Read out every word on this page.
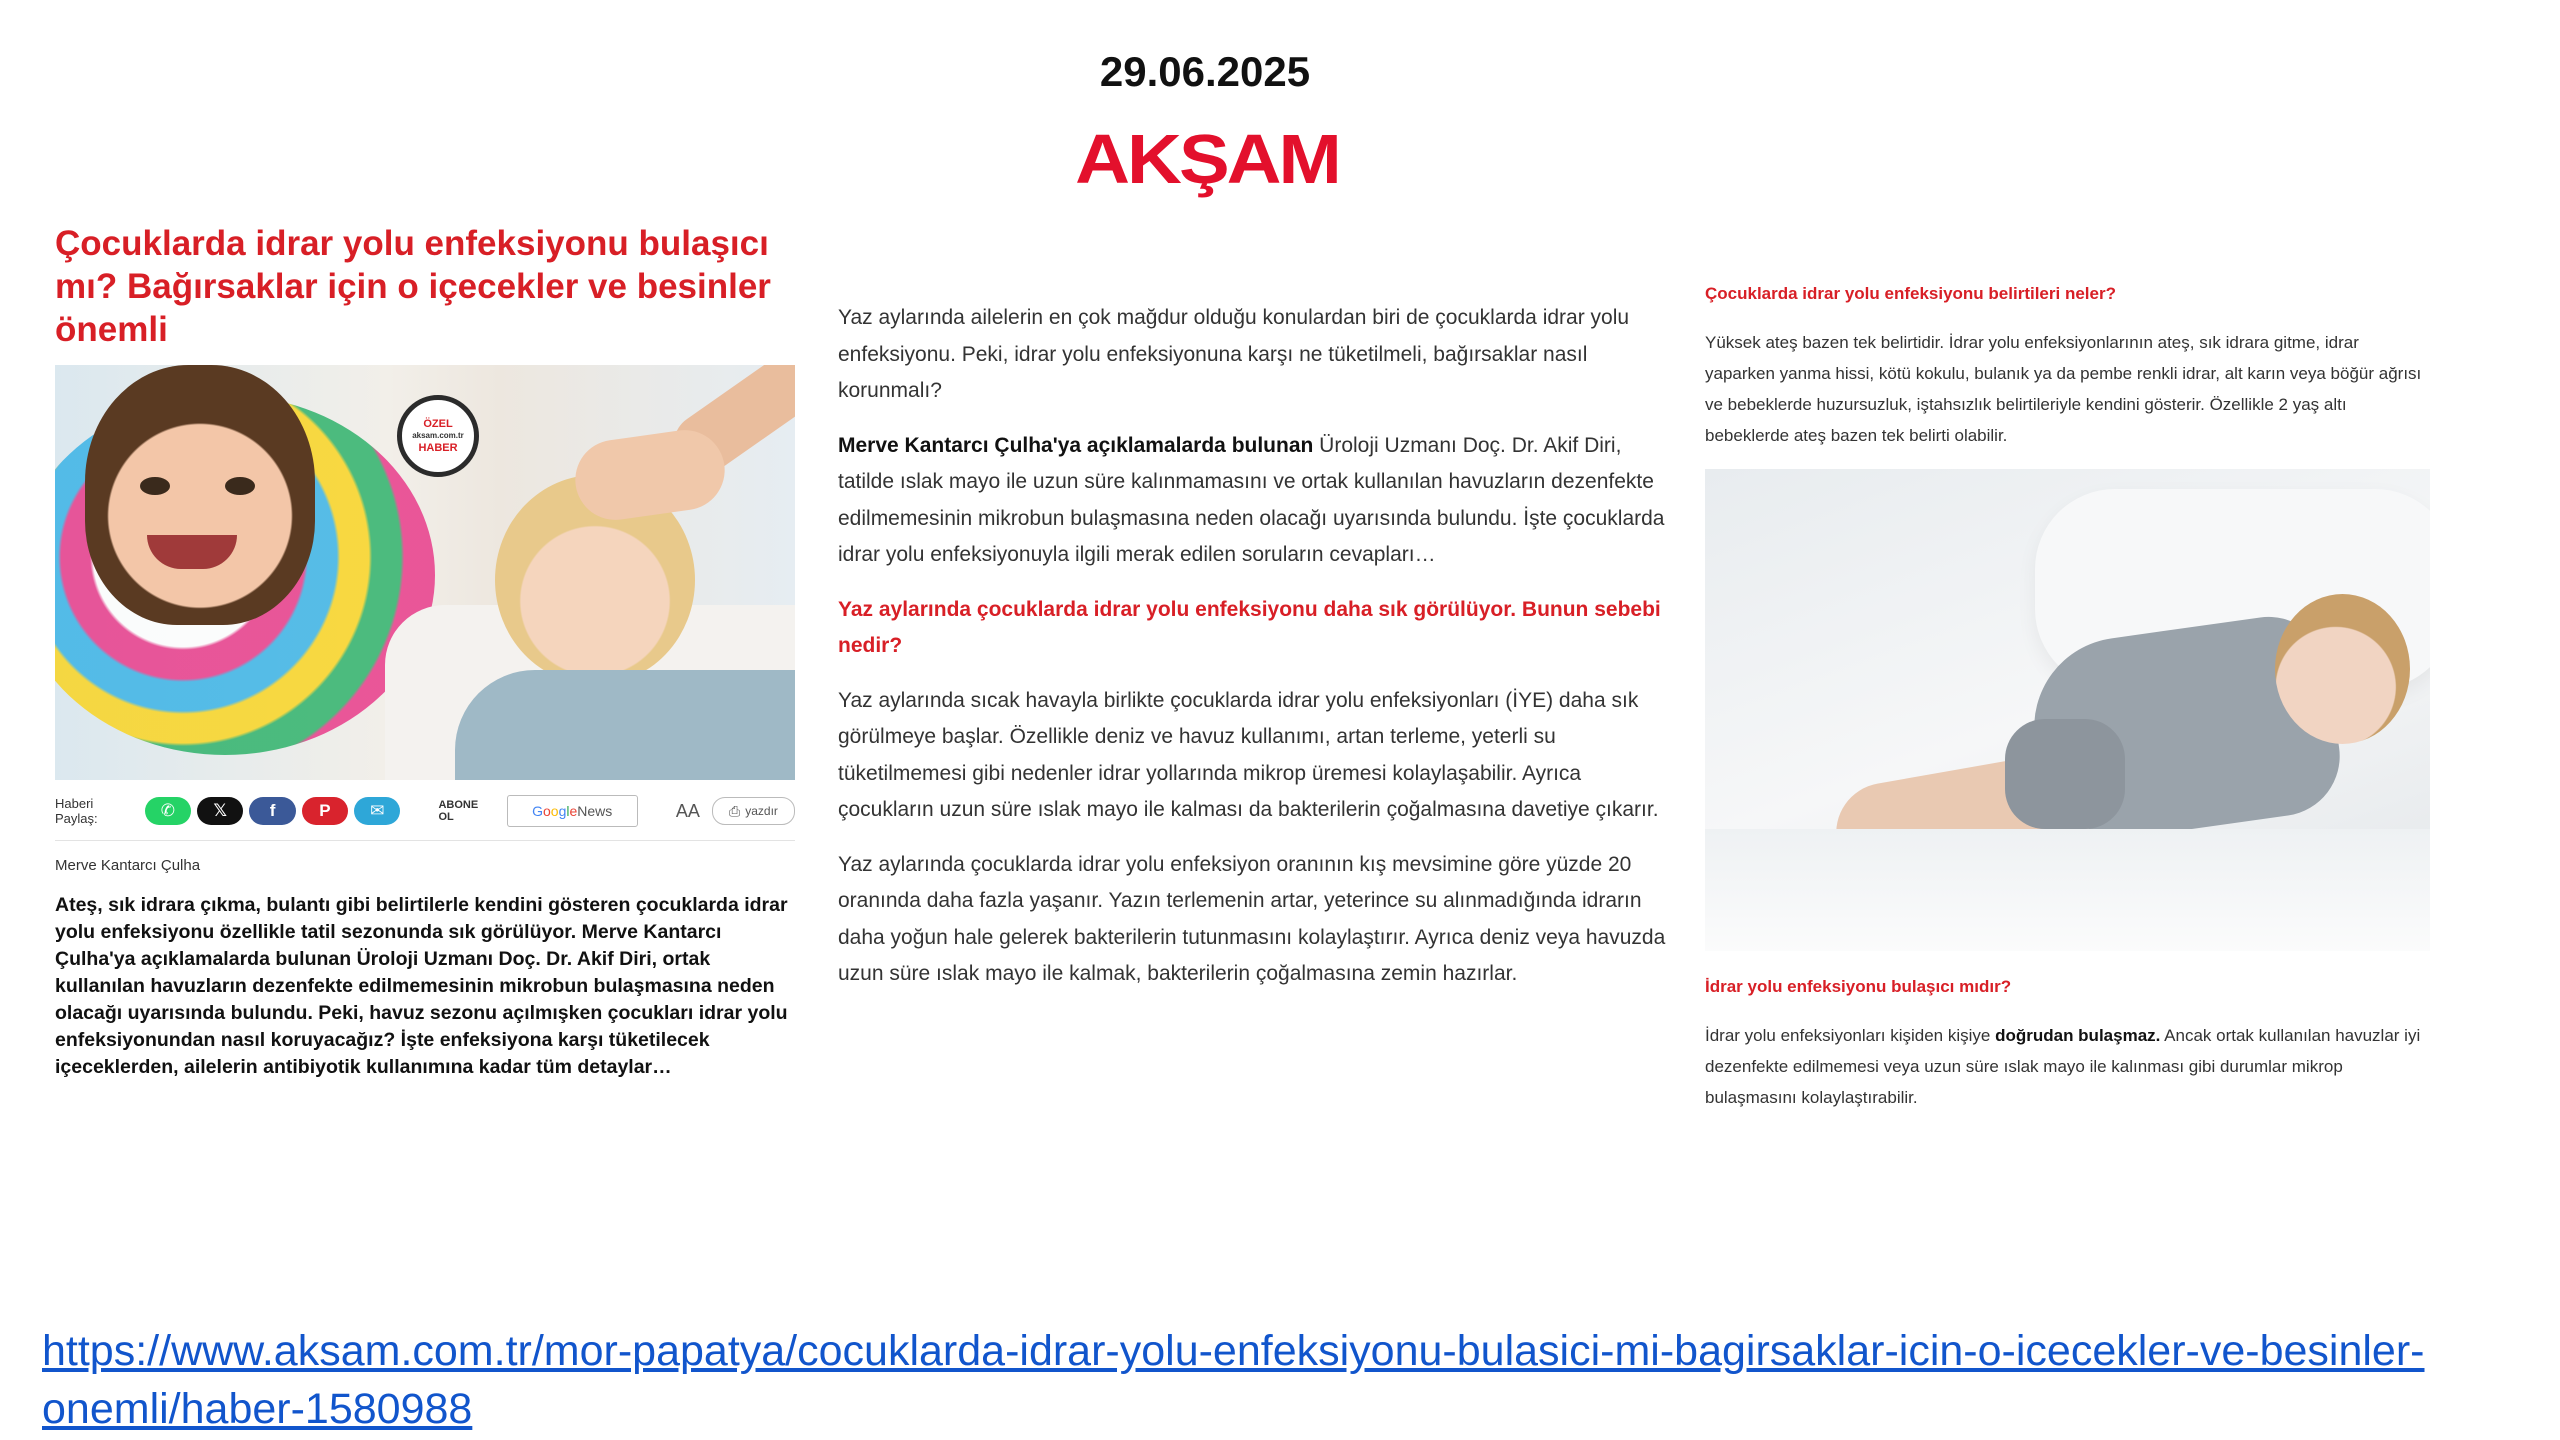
29.06.2025
AKŞAM
Çocuklarda idrar yolu enfeksiyonu bulaşıcı mı? Bağırsaklar için o içecekler ve besinler önemli
ÖZEL
aksam.com.tr
HABER
Haberi Paylaş:	✆	𝕏	f	P	✉	ABONE OL	G o o g l e News	AA ⎙ yazdır
Merve Kantarcı Çulha
Ateş, sık idrara çıkma, bulantı gibi belirtilerle kendini gösteren çocuklarda idrar yolu enfeksiyonu özellikle tatil sezonunda sık görülüyor. Merve Kantarcı Çulha'ya açıklamalarda bulunan Üroloji Uzmanı Doç. Dr. Akif Diri, ortak kullanılan havuzların dezenfekte edilmemesinin mikrobun bulaşmasına neden olacağı uyarısında bulundu. Peki, havuz sezonu açılmışken çocukları idrar yolu enfeksiyonundan nasıl koruyacağız? İşte enfeksiyona karşı tüketilecek içeceklerden, ailelerin antibiyotik kullanımına kadar tüm detaylar…

Yaz aylarında ailelerin en çok mağdur olduğu konulardan biri de çocuklarda idrar yolu enfeksiyonu. Peki, idrar yolu enfeksiyonuna karşı ne tüketilmeli, bağırsaklar nasıl korunmalı?

Merve Kantarcı Çulha'ya açıklamalarda bulunan Üroloji Uzmanı Doç. Dr. Akif Diri, tatilde ıslak mayo ile uzun süre kalınmamasını ve ortak kullanılan havuzların dezenfekte edilmemesinin mikrobun bulaşmasına neden olacağı uyarısında bulundu. İşte çocuklarda idrar yolu enfeksiyonuyla ilgili merak edilen soruların cevapları…

Yaz aylarında çocuklarda idrar yolu enfeksiyonu daha sık görülüyor. Bunun sebebi nedir?

Yaz aylarında sıcak havayla birlikte çocuklarda idrar yolu enfeksiyonları (İYE) daha sık görülmeye başlar. Özellikle deniz ve havuz kullanımı, artan terleme, yeterli su tüketilmemesi gibi nedenler idrar yollarında mikrop üremesi kolaylaşabilir. Ayrıca çocukların uzun süre ıslak mayo ile kalması da bakterilerin çoğalmasına davetiye çıkarır.

Yaz aylarında çocuklarda idrar yolu enfeksiyon oranının kış mevsimine göre yüzde 20 oranında daha fazla yaşanır. Yazın terlemenin artar, yeterince su alınmadığında idrarın daha yoğun hale gelerek bakterilerin tutunmasını kolaylaştırır. Ayrıca deniz veya havuzda uzun süre ıslak mayo ile kalmak, bakterilerin çoğalmasına zemin hazırlar.

Çocuklarda idrar yolu enfeksiyonu belirtileri neler?

Yüksek ateş bazen tek belirtidir. İdrar yolu enfeksiyonlarının ateş, sık idrara gitme, idrar yaparken yanma hissi, kötü kokulu, bulanık ya da pembe renkli idrar, alt karın veya böğür ağrısı ve bebeklerde huzursuzluk, iştahsızlık belirtileriyle kendini gösterir. Özellikle 2 yaş altı bebeklerde ateş bazen tek belirti olabilir.

İdrar yolu enfeksiyonu bulaşıcı mıdır?

İdrar yolu enfeksiyonları kişiden kişiye doğrudan bulaşmaz. Ancak ortak kullanılan havuzlar iyi dezenfekte edilmemesi veya uzun süre ıslak mayo ile kalınması gibi durumlar mikrop bulaşmasını kolaylaştırabilir.

https://www.aksam.com.tr/mor-papatya/cocuklarda-idrar-yolu-enfeksiyonu-bulasici-mi-bagirsaklar-icin-o-icecekler-ve-besinler-onemli/haber-1580988
